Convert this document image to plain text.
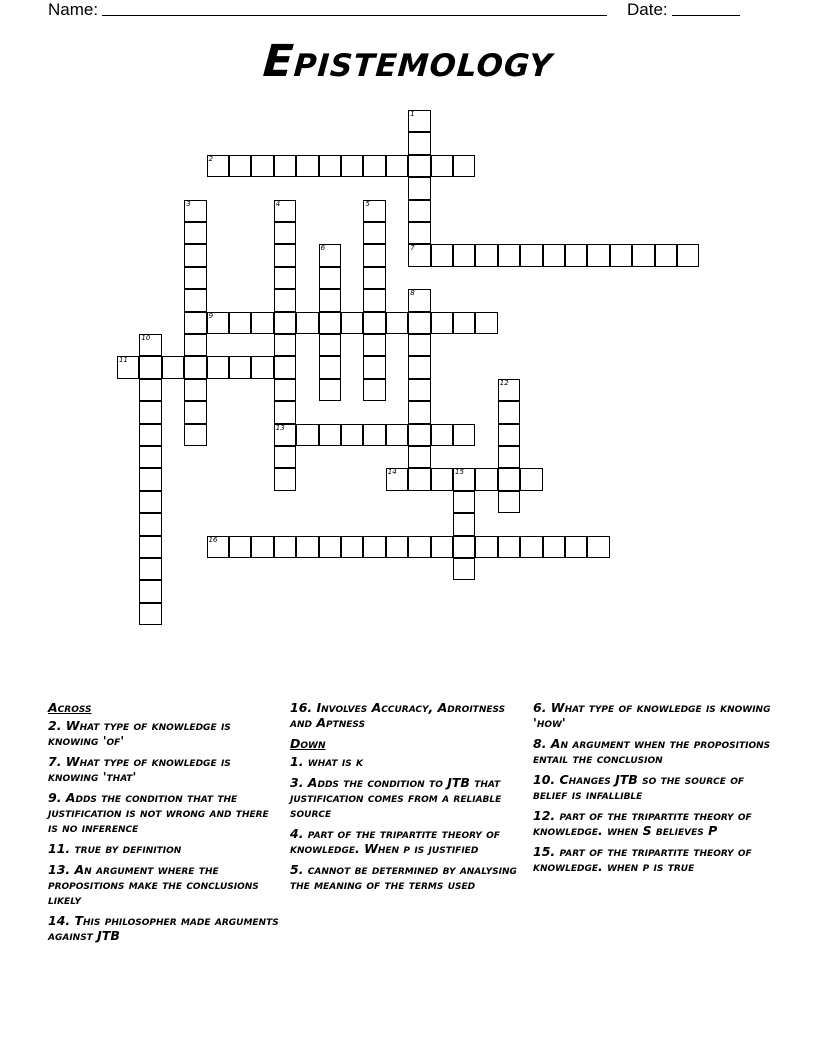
Name:	Date:
Epistemology
1
7
2
3	4
13
5
6
8
9
10
11
12
14	15
16
Across
2. What type of knowledge is knowing 'of'
7. What type of knowledge is knowing 'that'
9. Adds the condition that the justification is not wrong and there is no inference
11. true by definition
13. An argument where the propositions make the conclusions likely
14. This philosopher made arguments against JTB
16. Involves Accuracy, Adroitness and Aptness
Down
1. what is k
3. Adds the condition to JTB that justification comes from a reliable source
4. part of the tripartite theory of knowledge. When p is justified
5. cannot be determined by analysing the meaning of the terms used
6. What type of knowledge is knowing 'how'
8. An argument when the propositions entail the conclusion
10. Changes JTB so the source of belief is infallible
12. part of the tripartite theory of knowledge. when S believes P
15. part of the tripartite theory of knowledge. when p is true
